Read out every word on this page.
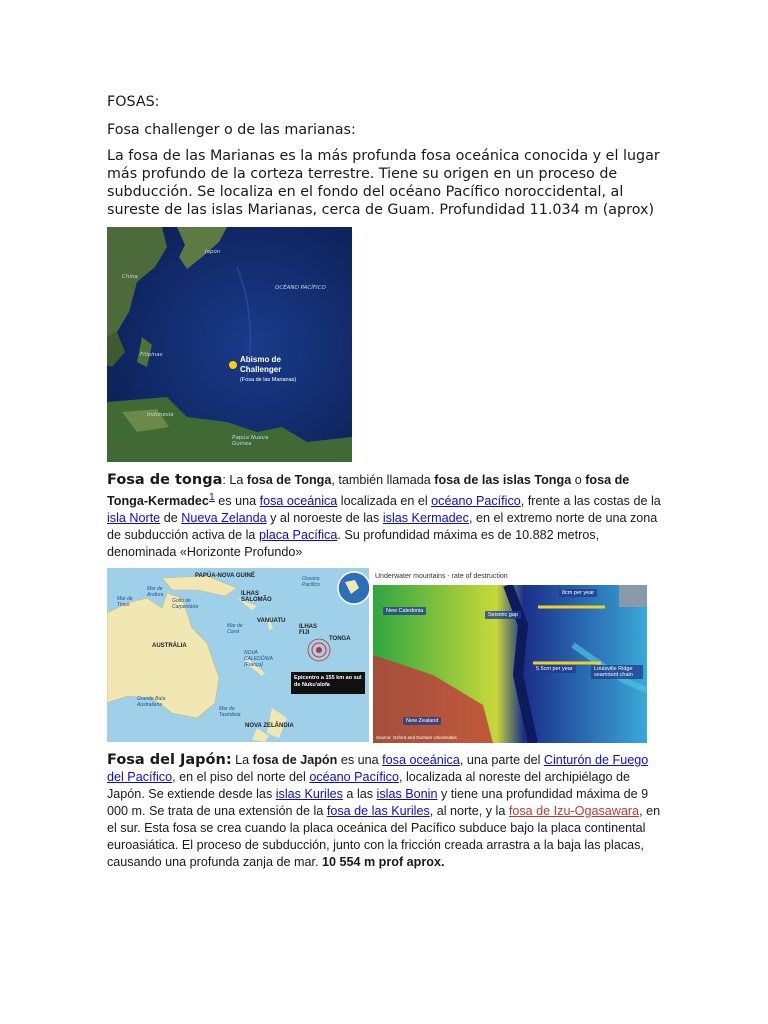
FOSAS:

Fosa challenger o de las marianas:

La fosa de las Marianas es la más profunda fosa oceánica conocida y el lugar más profundo de la corteza terrestre. Tiene su origen en un proceso de subducción. Se localiza en el fondo del océano Pacífico noroccidental, al sureste de las islas Marianas, cerca de Guam. Profundidad 11.034 m (aprox)

Japón
China
OCÉANO PACÍFICO
Filipinas
Indonesia
Papúa Nueva Guinea
Abismo de
Challenger
(Fosa de las Marianas)
Fosa de tonga: La fosa de Tonga, también llamada fosa de las islas Tonga o fosa de Tonga-Kermadec$^1$ es una fosa oceánica localizada en el océano Pacífico, frente a las costas de la isla Norte de Nueva Zelanda y al noroeste de las islas Kermadec, en el extremo norte de una zona de subducción activa de la placa Pacífica. Su profundidad máxima es de 10.882 metros, denominada «Horizonte Profundo»
PAPÚA-NOVA GUINÉ
ILHAS SALOMÃO
VANUATU
ILHAS FIJI
TONGA
AUSTRÁLIA
NOVA CALEDÔNIA (França)
NOVA ZELÂNDIA
Mar de Coral
Mar da Tasmânia
Golfo de Carpentária
Mar de Arafura
Mar de Timor
Grande Baía Australiana
Oceano Pacífico
Epicentro a 155 km ao sul de Nuku'alofa
Underwater mountains - rate of destruction
New Caledonia
Seismic gap
8cm per year
5.5cm per year	Louisville Ridge seamount chain
New Zealand
Source: Oxford and Durham Universities
Fosa del Japón: La fosa de Japón es una fosa oceánica, una parte del Cinturón de Fuego del Pacífico, en el piso del norte del océano Pacífico, localizada al noreste del archipiélago de Japón. Se extiende desde las islas Kuriles a las islas Bonin y tiene una profundidad máxima de 9 000 m. Se trata de una extensión de la fosa de las Kuriles, al norte, y la fosa de Izu-Ogasawara, en el sur. Esta fosa se crea cuando la placa oceánica del Pacífico subduce bajo la placa continental euroasiática. El proceso de subducción, junto con la fricción creada arrastra a la baja las placas, causando una profunda zanja de mar. 10 554 m prof aprox.
